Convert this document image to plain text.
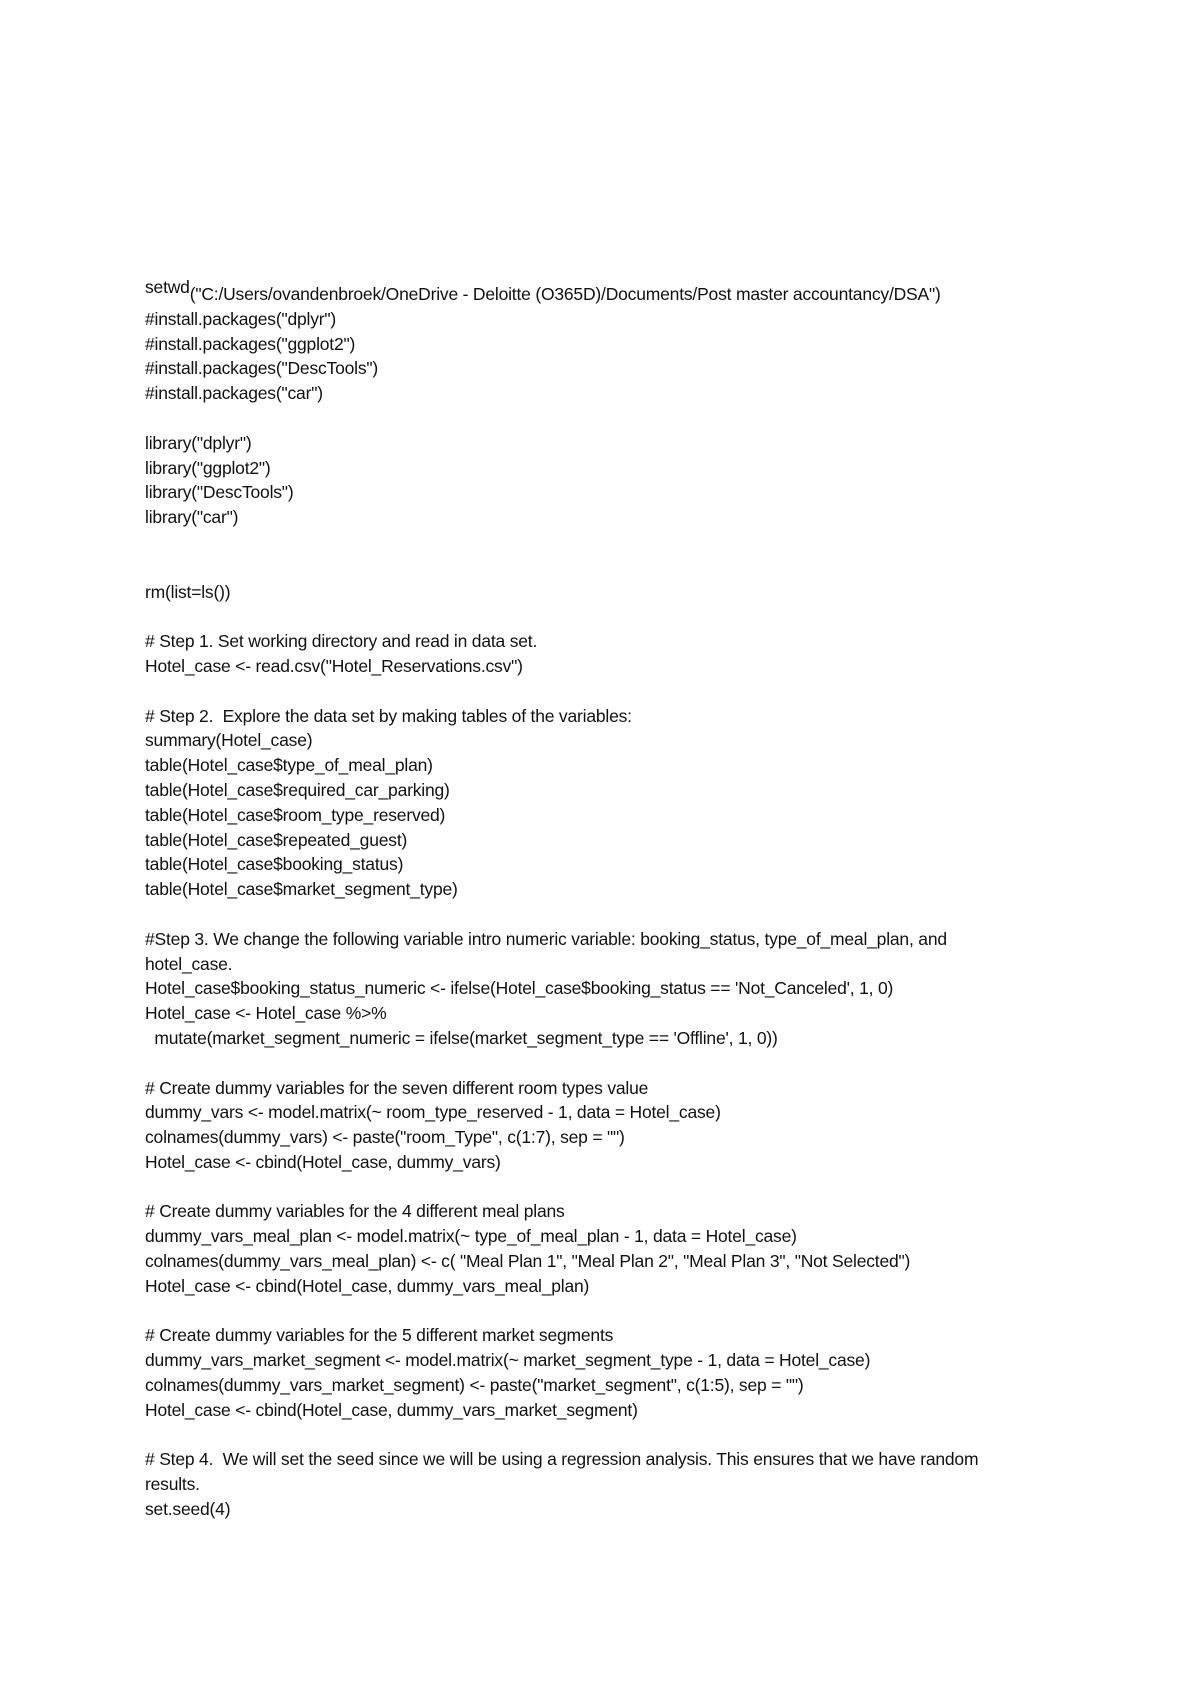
setwd("C:/Users/ovandenbroek/OneDrive - Deloitte (O365D)/Documents/Post master accountancy/DSA")
#install.packages("dplyr")
#install.packages("ggplot2")
#install.packages("DescTools")
#install.packages("car")
library("dplyr")
library("ggplot2")
library("DescTools")
library("car")
rm(list=ls())
# Step 1. Set working directory and read in data set.
Hotel_case <- read.csv("Hotel_Reservations.csv")
# Step 2.  Explore the data set by making tables of the variables:
summary(Hotel_case)
table(Hotel_case$type_of_meal_plan)
table(Hotel_case$required_car_parking)
table(Hotel_case$room_type_reserved)
table(Hotel_case$repeated_guest)
table(Hotel_case$booking_status)
table(Hotel_case$market_segment_type)
#Step 3. We change the following variable intro numeric variable: booking_status, type_of_meal_plan, and
hotel_case.
Hotel_case$booking_status_numeric <- ifelse(Hotel_case$booking_status == 'Not_Canceled', 1, 0)
Hotel_case <- Hotel_case %>%
mutate(market_segment_numeric = ifelse(market_segment_type == 'Offline', 1, 0))
# Create dummy variables for the seven different room types value
dummy_vars <- model.matrix(~ room_type_reserved - 1, data = Hotel_case)
colnames(dummy_vars) <- paste("room_Type", c(1:7), sep = "")
Hotel_case <- cbind(Hotel_case, dummy_vars)
# Create dummy variables for the 4 different meal plans
dummy_vars_meal_plan <- model.matrix(~ type_of_meal_plan - 1, data = Hotel_case)
colnames(dummy_vars_meal_plan) <- c( "Meal Plan 1", "Meal Plan 2", "Meal Plan 3", "Not Selected")
Hotel_case <- cbind(Hotel_case, dummy_vars_meal_plan)
# Create dummy variables for the 5 different market segments
dummy_vars_market_segment <- model.matrix(~ market_segment_type - 1, data = Hotel_case)
colnames(dummy_vars_market_segment) <- paste("market_segment", c(1:5), sep = "")
Hotel_case <- cbind(Hotel_case, dummy_vars_market_segment)
# Step 4.  We will set the seed since we will be using a regression analysis. This ensures that we have random
results.
set.seed(4)
